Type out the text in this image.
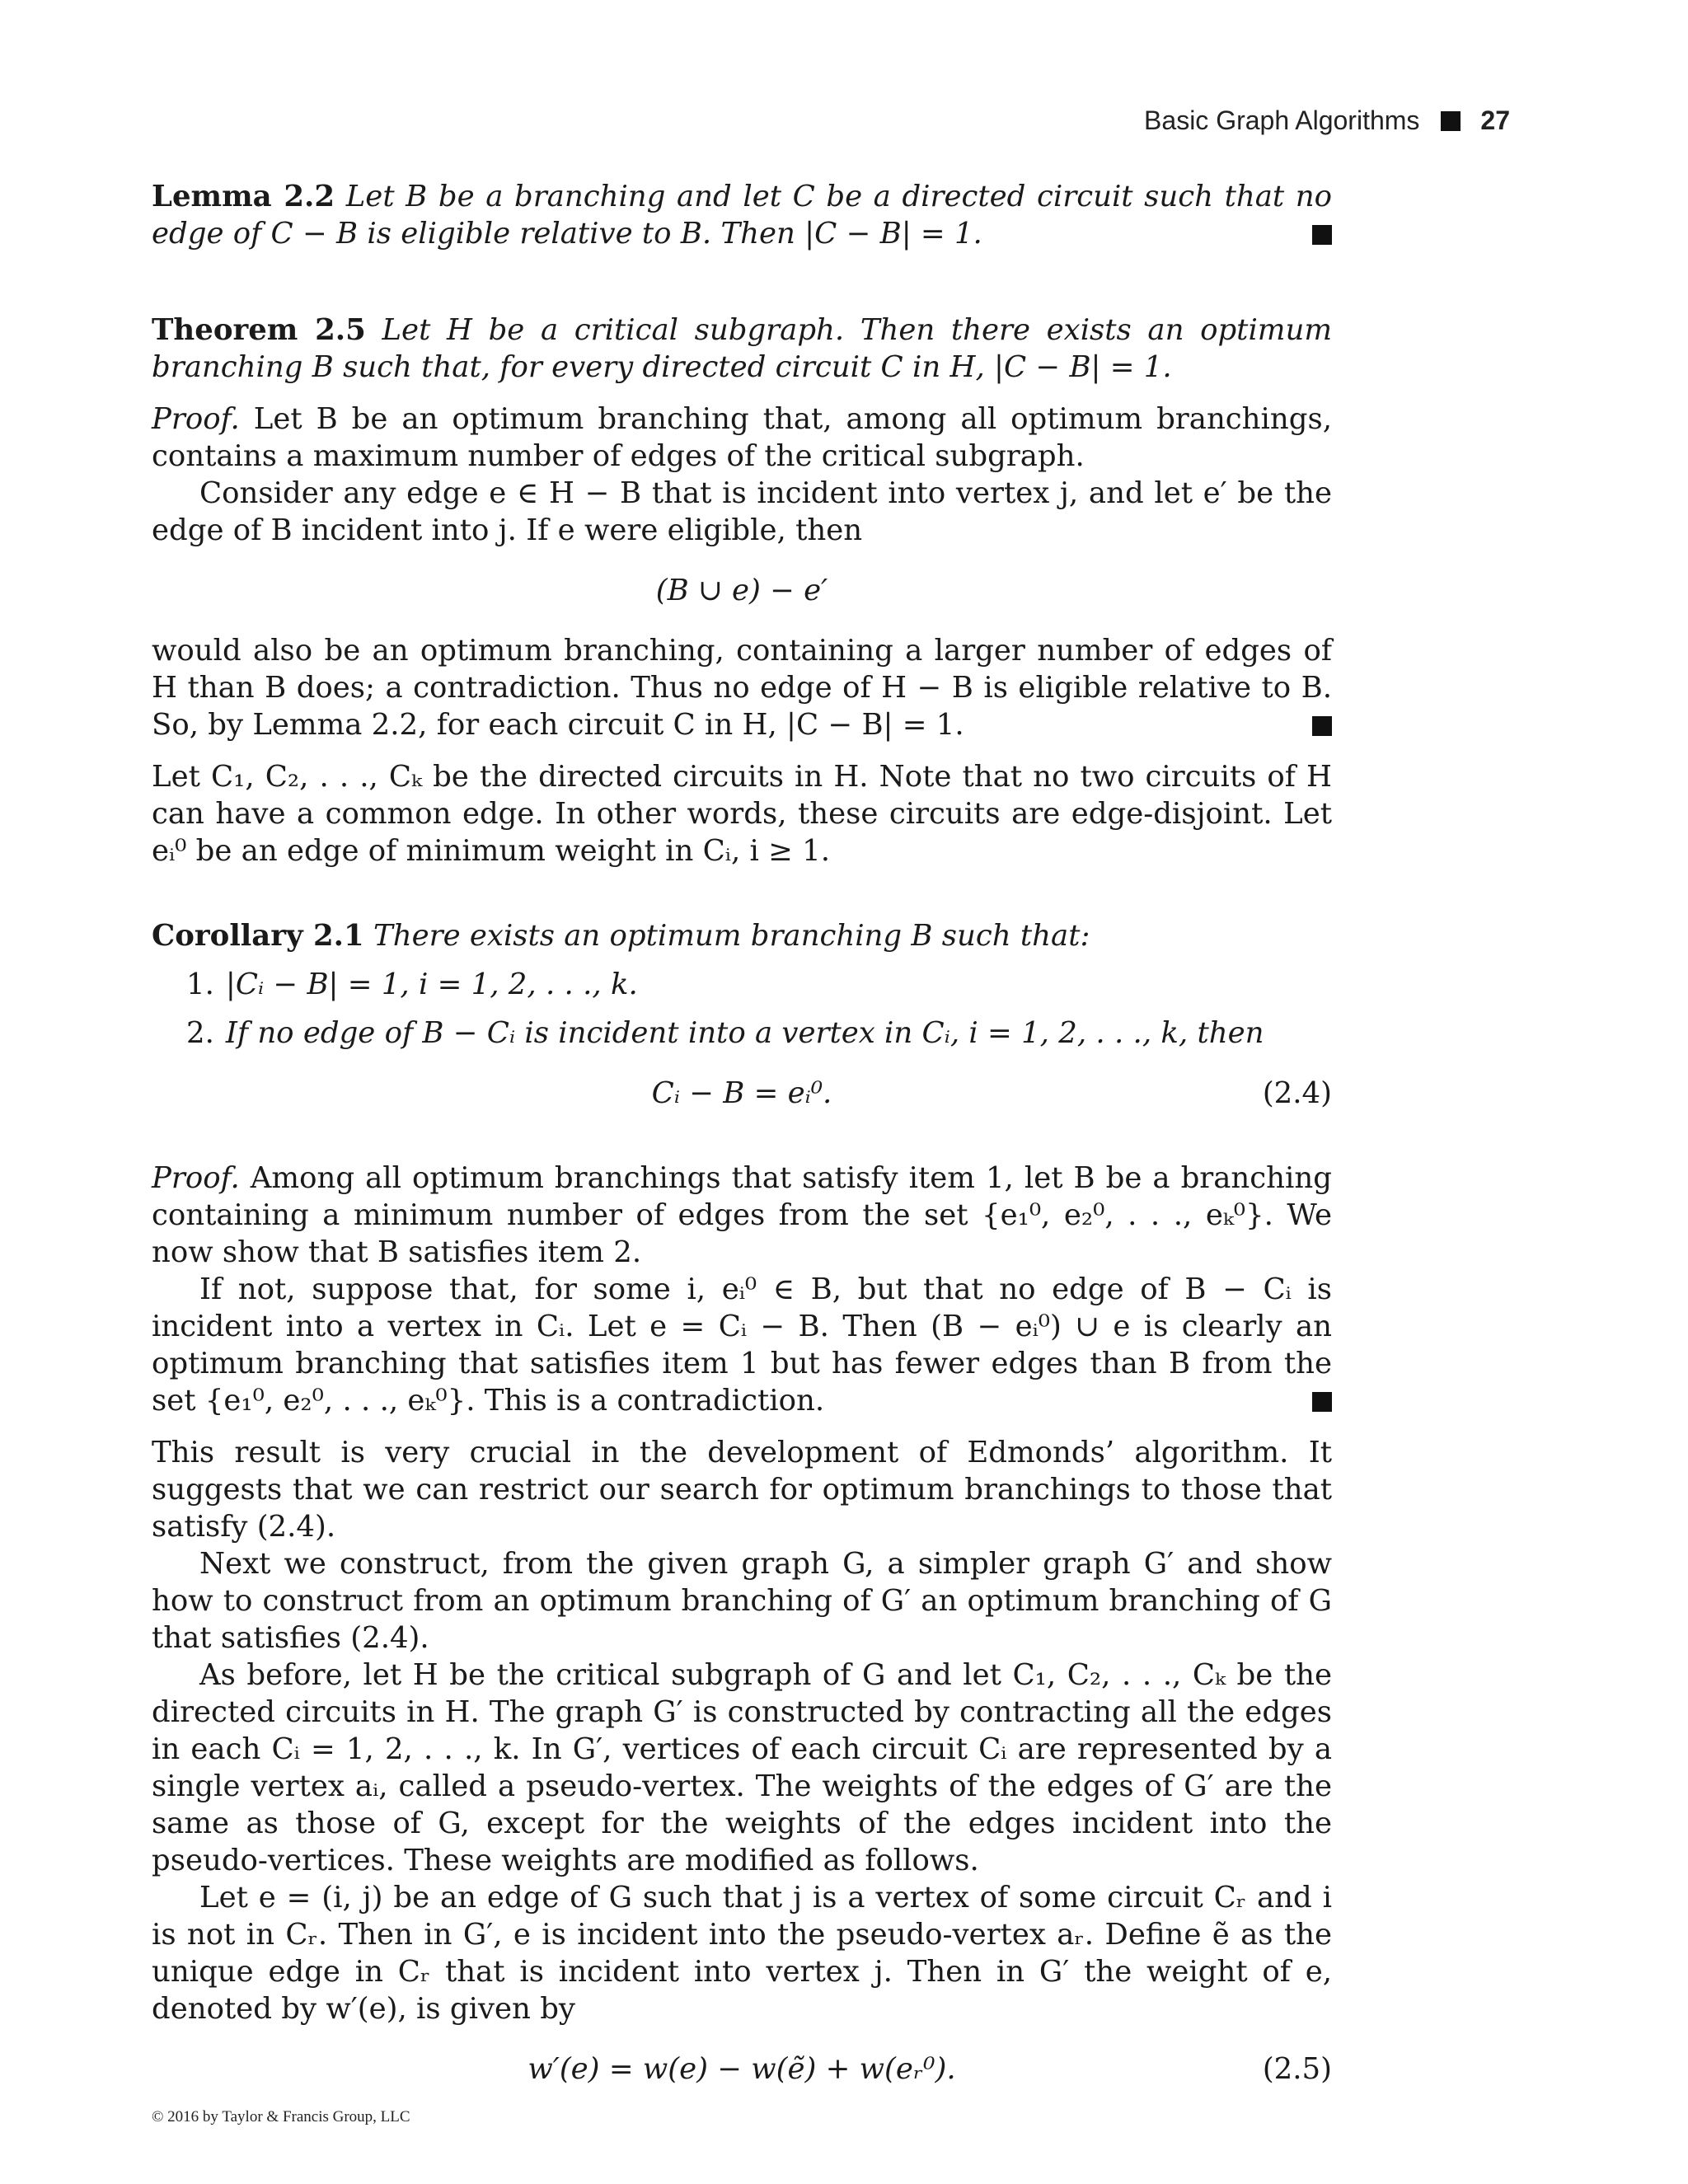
Basic Graph Algorithms 27

Lemma 2.2 Let B be a branching and let C be a directed circuit such that no edge of C − B is eligible relative to B. Then |C − B| = 1.

Theorem 2.5 Let H be a critical subgraph. Then there exists an optimum branching B such that, for every directed circuit C in H, |C − B| = 1.

Proof. Let B be an optimum branching that, among all optimum branchings, contains a maximum number of edges of the critical subgraph.

Consider any edge e ∈ H − B that is incident into vertex j, and let e′ be the edge of B incident into j. If e were eligible, then

(B ∪ e) − e′

would also be an optimum branching, containing a larger number of edges of H than B does; a contradiction. Thus no edge of H − B is eligible relative to B. So, by Lemma 2.2, for each circuit C in H, |C − B| = 1.

Let C₁, C₂, . . ., Cₖ be the directed circuits in H. Note that no two circuits of H can have a common edge. In other words, these circuits are edge-disjoint. Let eᵢ⁰ be an edge of minimum weight in Cᵢ, i ≥ 1.

Corollary 2.1 There exists an optimum branching B such that:

1. |Cᵢ − B| = 1, i = 1, 2, . . ., k.
2. If no edge of B − Cᵢ is incident into a vertex in Cᵢ, i = 1, 2, . . ., k, then
Cᵢ − B = eᵢ⁰.	(2.4)

Proof. Among all optimum branchings that satisfy item 1, let B be a branching containing a minimum number of edges from the set {e₁⁰, e₂⁰, . . ., eₖ⁰}. We now show that B satisfies item 2.

If not, suppose that, for some i, eᵢ⁰ ∈ B, but that no edge of B − Cᵢ is incident into a vertex in Cᵢ. Let e = Cᵢ − B. Then (B − eᵢ⁰) ∪ e is clearly an optimum branching that satisfies item 1 but has fewer edges than B from the set {e₁⁰, e₂⁰, . . ., eₖ⁰}. This is a contradiction.

This result is very crucial in the development of Edmonds’ algorithm. It suggests that we can restrict our search for optimum branchings to those that satisfy (2.4).

Next we construct, from the given graph G, a simpler graph G′ and show how to construct from an optimum branching of G′ an optimum branching of G that satisfies (2.4).

As before, let H be the critical subgraph of G and let C₁, C₂, . . ., Cₖ be the directed circuits in H. The graph G′ is constructed by contracting all the edges in each Cᵢ = 1, 2, . . ., k. In G′, vertices of each circuit Cᵢ are represented by a single vertex aᵢ, called a pseudo-vertex. The weights of the edges of G′ are the same as those of G, except for the weights of the edges incident into the pseudo-vertices. These weights are modified as follows.

Let e = (i, j) be an edge of G such that j is a vertex of some circuit Cᵣ and i is not in Cᵣ. Then in G′, e is incident into the pseudo-vertex aᵣ. Define ẽ as the unique edge in Cᵣ that is incident into vertex j. Then in G′ the weight of e, denoted by w′(e), is given by

w′(e) = w(e) − w(ẽ) + w(eᵣ⁰).	(2.5)
© 2016 by Taylor & Francis Group, LLC
